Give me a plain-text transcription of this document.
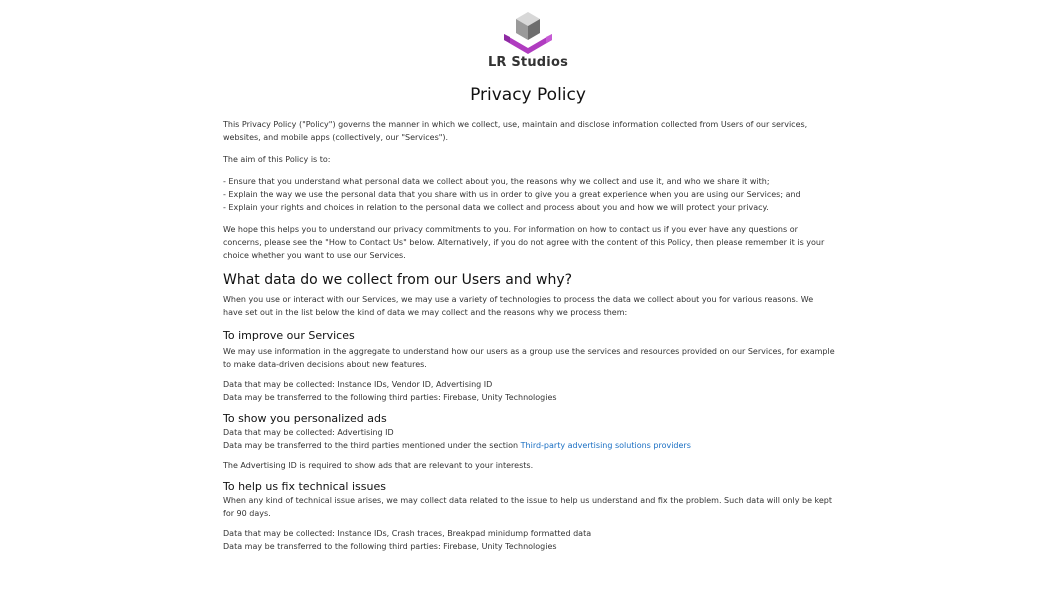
LR Studios
Privacy Policy

This Privacy Policy ("Policy") governs the manner in which we collect, use, maintain and disclose information collected from Users of our services, websites, and mobile apps (collectively, our "Services").

The aim of this Policy is to:

- Ensure that you understand what personal data we collect about you, the reasons why we collect and use it, and who we share it with;

- Explain the way we use the personal data that you share with us in order to give you a great experience when you are using our Services; and

- Explain your rights and choices in relation to the personal data we collect and process about you and how we will protect your privacy.

We hope this helps you to understand our privacy commitments to you. For information on how to contact us if you ever have any questions or concerns, please see the "How to Contact Us" below. Alternatively, if you do not agree with the content of this Policy, then please remember it is your choice whether you want to use our Services.

What data do we collect from our Users and why?

When you use or interact with our Services, we may use a variety of technologies to process the data we collect about you for various reasons. We have set out in the list below the kind of data we may collect and the reasons why we process them:

To improve our Services

We may use information in the aggregate to understand how our users as a group use the services and resources provided on our Services, for example to make data-driven decisions about new features.

Data that may be collected: Instance IDs, Vendor ID, Advertising ID

Data may be transferred to the following third parties: Firebase, Unity Technologies

To show you personalized ads

Data that may be collected: Advertising ID

Data may be transferred to the third parties mentioned under the section Third-party advertising solutions providers

The Advertising ID is required to show ads that are relevant to your interests.

To help us fix technical issues

When any kind of technical issue arises, we may collect data related to the issue to help us understand and fix the problem. Such data will only be kept for 90 days.

Data that may be collected: Instance IDs, Crash traces, Breakpad minidump formatted data

Data may be transferred to the following third parties: Firebase, Unity Technologies
